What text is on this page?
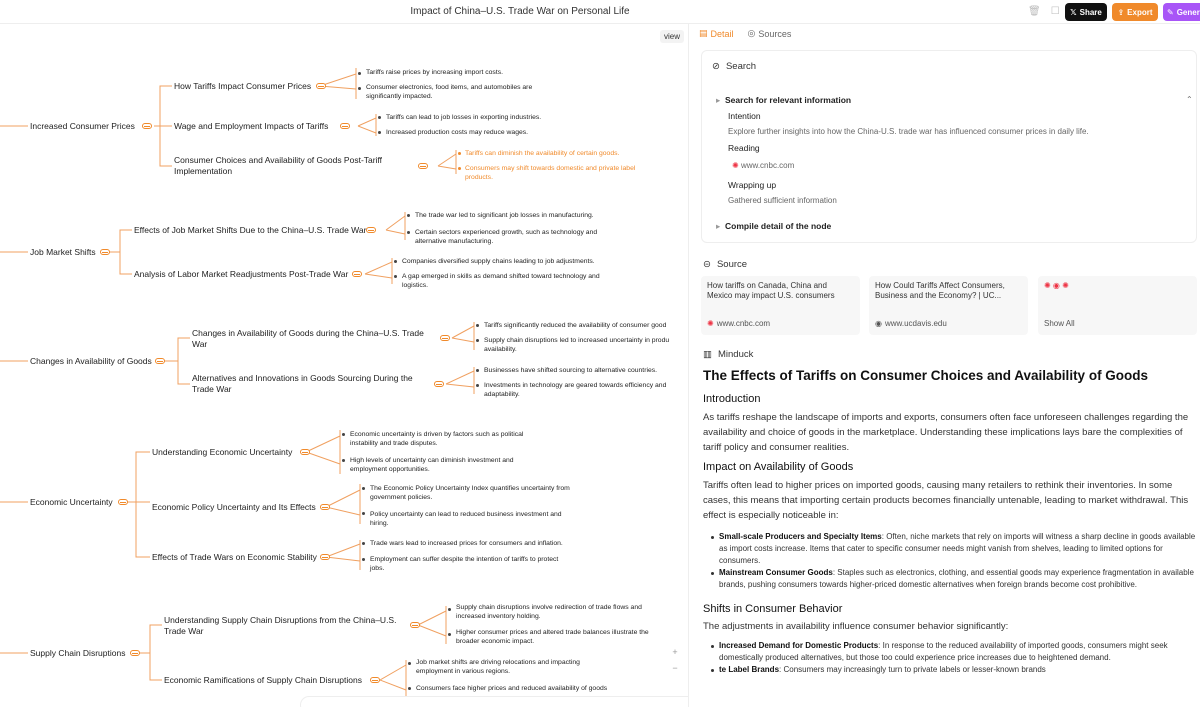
Impact of China–U.S. Trade War on Personal Life	🗑 ☐ 𝕏 Share ⇪ Export ✎ Gener
view
Increased Consumer Prices
Job Market Shifts
Changes in Availability of Goods
Economic Uncertainty
Supply Chain Disruptions
How Tariffs Impact Consumer Prices
Wage and Employment Impacts of Tariffs
Consumer Choices and Availability of Goods Post-Tariff Implementation
Effects of Job Market Shifts Due to the China–U.S. Trade War
Analysis of Labor Market Readjustments Post-Trade War
Changes in Availability of Goods during the China–U.S. Trade War
Alternatives and Innovations in Goods Sourcing During the Trade War
Understanding Economic Uncertainty
Economic Policy Uncertainty and Its Effects
Effects of Trade Wars on Economic Stability
Understanding Supply Chain Disruptions from the China–U.S. Trade War
Economic Ramifications of Supply Chain Disruptions
Tariffs raise prices by increasing import costs.
Consumer electronics, food items, and automobiles are significantly impacted.
Tariffs can lead to job losses in exporting industries.
Increased production costs may reduce wages.
Tariffs can diminish the availability of certain goods.
Consumers may shift towards domestic and private label products.
The trade war led to significant job losses in manufacturing.
Certain sectors experienced growth, such as technology and alternative manufacturing.
Companies diversified supply chains leading to job adjustments.
A gap emerged in skills as demand shifted toward technology and logistics.
Tariffs significantly reduced the availability of consumer good
Supply chain disruptions led to increased uncertainty in produ availability.
Businesses have shifted sourcing to alternative countries.
Investments in technology are geared towards efficiency and adaptability.
Economic uncertainty is driven by factors such as political instability and trade disputes.
High levels of uncertainty can diminish investment and employment opportunities.
The Economic Policy Uncertainty Index quantifies uncertainty from government policies.
Policy uncertainty can lead to reduced business investment and hiring.
Trade wars lead to increased prices for consumers and inflation.
Employment can suffer despite the intention of tariffs to protect jobs.
Supply chain disruptions involve redirection of trade flows and increased inventory holding.
Higher consumer prices and altered trade balances illustrate the broader economic impact.
Job market shifts are driving relocations and impacting employment in various regions.
Consumers face higher prices and reduced availability of goods
+
−
▤ Detail ◎ Sources
⊘ Search
▸ Search for relevant information	⌃
Intention
Explore further insights into how the China-U.S. trade war has influenced consumer prices in daily life.
Reading
✺ www.cnbc.com
Wrapping up
Gathered sufficient information
▸ Compile detail of the node
⊝ Source
How tariffs on Canada, China and Mexico may impact U.S. consumers
✺ www.cnbc.com
How Could Tariffs Affect Consumers, Business and the Economy? | UC...
◉ www.ucdavis.edu
✺ ◉ ✺
Show All
▥ Minduck
The Effects of Tariffs on Consumer Choices and Availability of Goods
Introduction

As tariffs reshape the landscape of imports and exports, consumers often face unforeseen challenges regarding the availability and choice of goods in the marketplace. Understanding these implications lays bare the complexities of tariff policy and consumer realities.

Impact on Availability of Goods

Tariffs often lead to higher prices on imported goods, causing many retailers to rethink their inventories. In some cases, this means that importing certain products becomes financially untenable, leading to market withdrawal. This effect is especially noticeable in:

Small-scale Producers and Specialty Items: Often, niche markets that rely on imports will witness a sharp decline in goods available as import costs increase. Items that cater to specific consumer needs might vanish from shelves, leading to limited options for consumers.
Mainstream Consumer Goods: Staples such as electronics, clothing, and essential goods may experience fragmentation in available brands, pushing consumers towards higher-priced domestic alternatives when foreign brands become cost prohibitive.
Shifts in Consumer Behavior

The adjustments in availability influence consumer behavior significantly:

Increased Demand for Domestic Products: In response to the reduced availability of imported goods, consumers might seek domestically produced alternatives, but those too could experience price increases due to heightened demand.
te Label Brands: Consumers may increasingly turn to private labels or lesser-known brands
